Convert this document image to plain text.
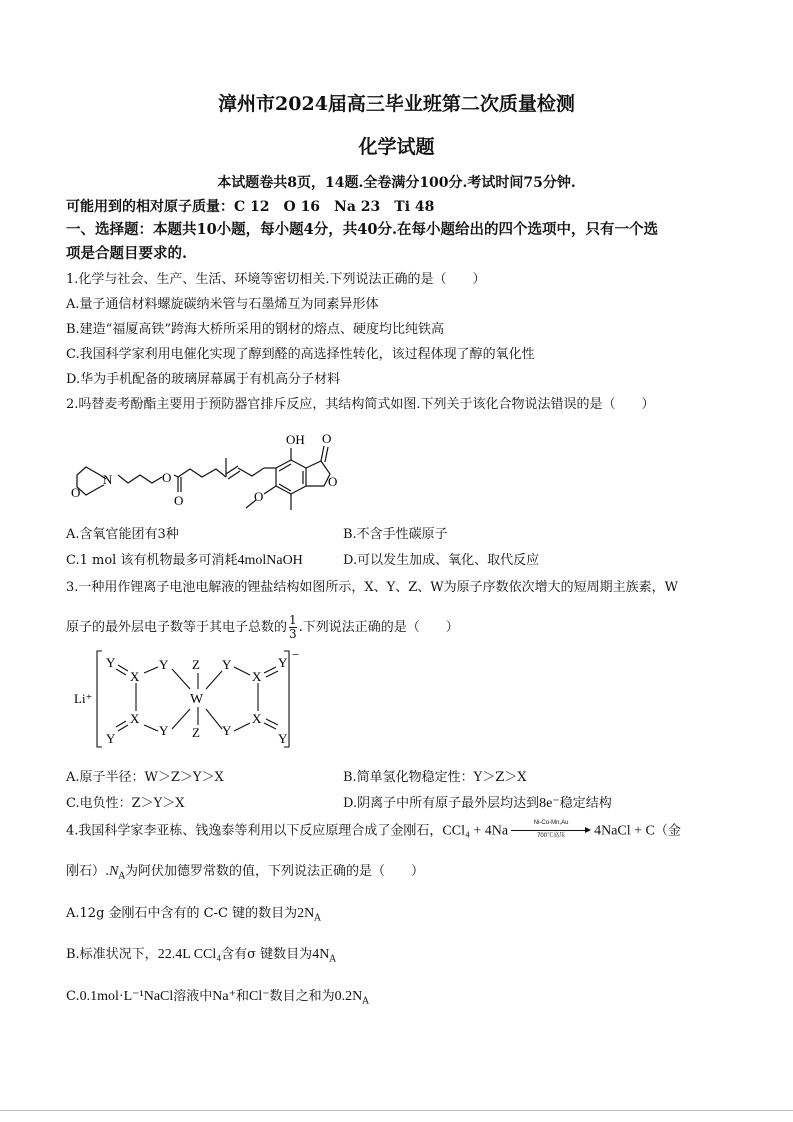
漳州市2024届高三毕业班第二次质量检测
化学试题
本试题卷共8页，14题.全卷满分100分.考试时间75分钟.
可能用到的相对原子质量：C 12　O 16　Na 23　Ti 48
一、选择题：本题共10小题，每小题4分，共40分.在每小题给出的四个选项中，只有一个选
项是合题目要求的.
1.化学与社会、生产、生活、环境等密切相关.下列说法正确的是（　　）
A.量子通信材料螺旋碳纳米管与石墨烯互为同素异形体
B.建造“福厦高铁”跨海大桥所采用的钢材的熔点、硬度均比纯铁高
C.我国科学家利用电催化实现了醇到醛的高选择性转化，该过程体现了醇的氧化性
D.华为手机配备的玻璃屏幕属于有机高分子材料
2.吗替麦考酚酯主要用于预防器官排斥反应，其结构简式如图.下列关于该化合物说法错误的是（　　）
OH O
O
N
O
O
O	O
A.含氧官能团有3种	B.不含手性碳原子
C.1 mol 该有机物最多可消耗4molNaOH	D.可以发生加成、氧化、取代反应
3.一种用作锂离子电池电解液的锂盐结构如图所示，X、Y、Z、W为原子序数依次增大的短周期主族素，W
原子的最外层电子数等于其电子总数的 $\frac{1}{3}$ .下列说法正确的是（　　）
Li⁺
−
Y
Y
X
X
Y
Y
Z
W
Z
Y
Y
X
X
Y
Y
A.原子半径：W＞Z＞Y＞X	B.简单氢化物稳定性：Y＞Z＞X
C.电负性：Z＞Y＞X	D.阴离子中所有原子最外层均达到8e⁻稳定结构
4.我国科学家李亚栋、钱逸泰等利用以下反应原理合成了金刚石，CCl₄ + 4Na
Ni-Co-Mn,Au
700℃高压	4NaCl + C（金
刚石）$.N_A$为阿伏加德罗常数的值，下列说法正确的是（　　）
A.12g 金刚石中含有的 C-C 键的数目为$2N_A$
B.标准状况下，22.4L CCl₄含有σ 键数目为$4N_A$
C.0.1mol·L⁻¹NaCl溶液中Na⁺和Cl⁻数目之和为$0.2N_A$
